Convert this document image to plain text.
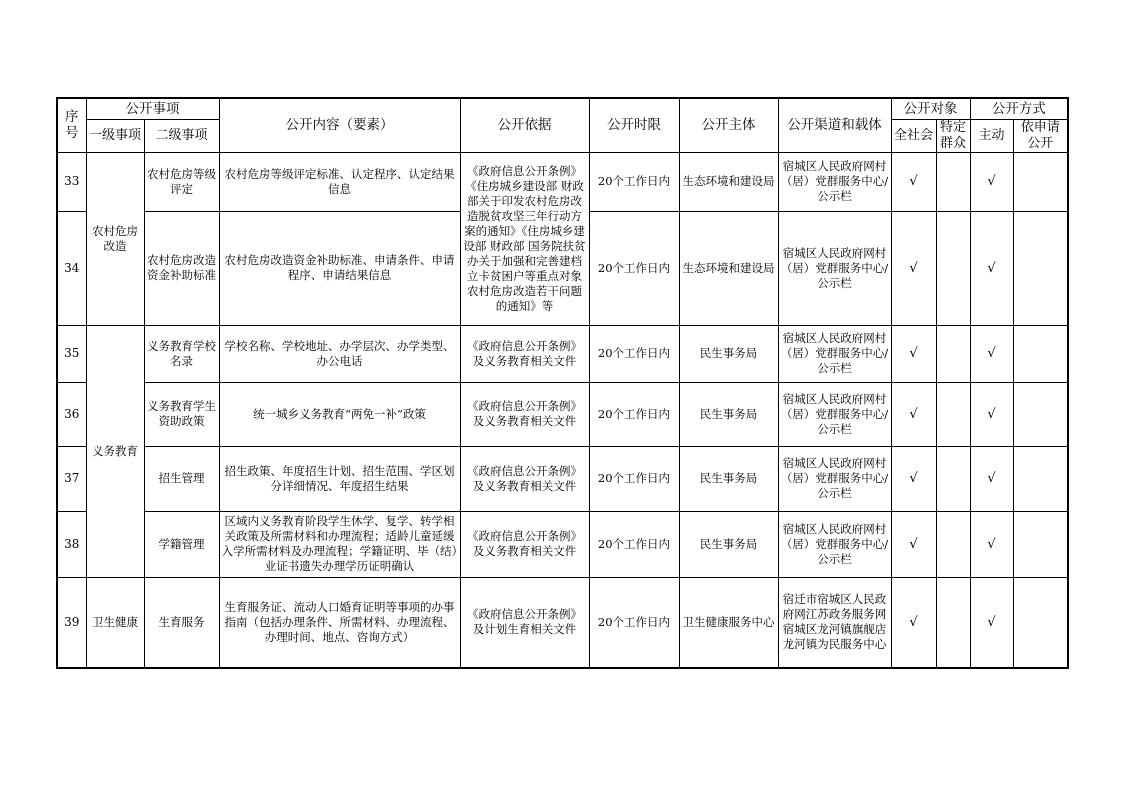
序号	公开事项		公开内容（要素）	公开依据	公开时限	公开主体	公开渠道和载体	公开对象		公开方式	
	一级事项	二级事项						全社会	特定群众	主动	依申请公开
33	农村危房改造	农村危房等级评定	农村危房等级评定标准、认定程序、认定结果信息	《政府信息公开条例》《住房城乡建设部 财政部关于印发农村危房改造脱贫攻坚三年行动方案的通知》《住房城乡建设部 财政部 国务院扶贫办关于加强和完善建档立卡贫困户等重点对象农村危房改造若干问题的通知》等	20个工作日内	生态环境和建设局	宿城区人民政府网村（居）党群服务中心/公示栏	√		√	
34		农村危房改造资金补助标准	农村危房改造资金补助标准、申请条件、申请程序、申请结果信息		20个工作日内	生态环境和建设局	宿城区人民政府网村（居）党群服务中心/公示栏	√		√	
35	义务教育	义务教育学校名录	学校名称、学校地址、办学层次、办学类型、办公电话	《政府信息公开条例》及义务教育相关文件	20个工作日内	民生事务局	宿城区人民政府网村（居）党群服务中心/公示栏	√		√	
36		义务教育学生资助政策	统一城乡义务教育“两免一补”政策	《政府信息公开条例》及义务教育相关文件	20个工作日内	民生事务局	宿城区人民政府网村（居）党群服务中心/公示栏	√		√	
37		招生管理	招生政策、年度招生计划、招生范围、学区划分详细情况、年度招生结果	《政府信息公开条例》及义务教育相关文件	20个工作日内	民生事务局	宿城区人民政府网村（居）党群服务中心/公示栏	√		√	
38		学籍管理	区域内义务教育阶段学生休学、复学、转学相关政策及所需材料和办理流程；适龄儿童延缓入学所需材料及办理流程；学籍证明、毕（结）业证书遗失办理学历证明确认	《政府信息公开条例》及义务教育相关文件	20个工作日内	民生事务局	宿城区人民政府网村（居）党群服务中心/公示栏	√		√	
39	卫生健康	生育服务	生育服务证、流动人口婚育证明等事项的办事指南（包括办理条件、所需材料、办理流程、办理时间、地点、咨询方式）	《政府信息公开条例》及计划生育相关文件	20个工作日内	卫生健康服务中心	宿迁市宿城区人民政府网江苏政务服务网宿城区龙河镇旗舰店龙河镇为民服务中心	√		√	
